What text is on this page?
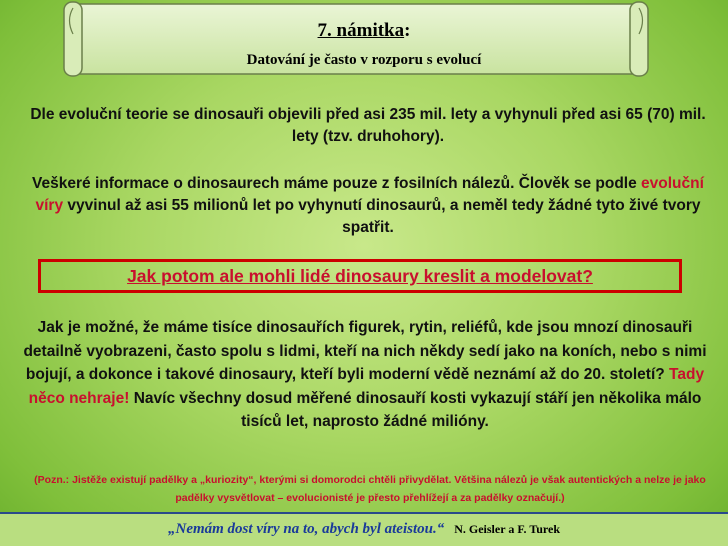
7. námitka:
Datování je často v rozporu s evolucí
Dle evoluční teorie se dinosauři objevili před asi 235 mil. lety a vyhynuli před asi 65 (70) mil. lety (tzv. druhohory).
Veškeré informace o dinosaurech máme pouze z fosilních nálezů. Člověk se podle evoluční víry vyvinul až asi 55 milionů let po vyhynutí dinosaurů, a neměl tedy žádné tyto živé tvory spatřit.
Jak potom ale mohli lidé dinosaury kreslit a modelovat?
Jak je možné, že máme tisíce dinosauřích figurek, rytin, reliéfů, kde jsou mnozí dinosauři detailně vyobrazeni, často spolu s lidmi, kteří na nich někdy sedí jako na koních, nebo s nimi bojují, a dokonce i takové dinosaury, kteří byli moderní vědě neznámí až do 20. století? Tady něco nehraje! Navíc všechny dosud měřené dinosauří kosti vykazují stáří jen několika málo tisíců let, naprosto žádné milióny.
(Pozn.: Jistěže existují padělky a „kuriozity“, kterými si domorodci chtěli přivydělat. Většina nálezů je však autentických a nelze je jako padělky vysvětlovat – evolucionisté je přesto přehlížejí a za padělky označují.)
„Nemám dost víry na to, abych byl ateistou.“ N. Geisler a F. Turek
